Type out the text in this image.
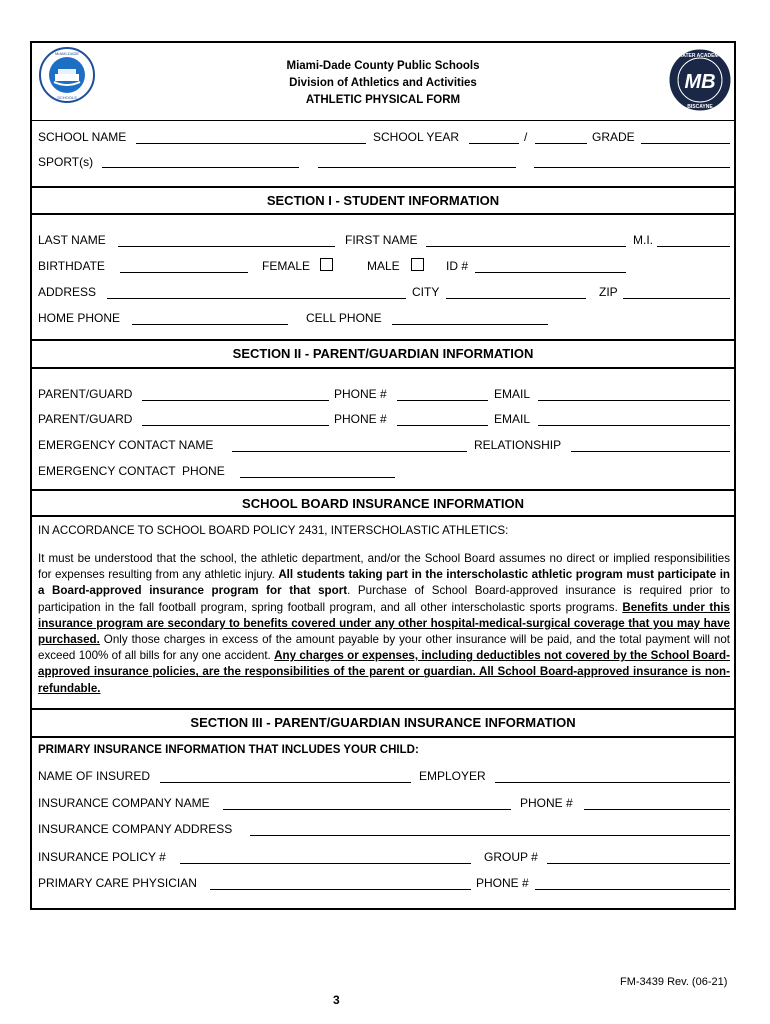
MIAMI-DADE
SCHOOLS
MB
MATER ACADEMY
BISCAYNE
Miami-Dade County Public Schools
Division of Athletics and Activities
ATHLETIC PHYSICAL FORM
SCHOOL NAME	SCHOOL YEAR	/	GRADE
SPORT(s)
SECTION I - STUDENT INFORMATION
LAST NAME	FIRST NAME	M.I.
BIRTHDATE	FEMALE	MALE	ID #
ADDRESS	CITY	ZIP
HOME PHONE	CELL PHONE
SECTION II - PARENT/GUARDIAN INFORMATION
PARENT/GUARD	PHONE #	EMAIL
PARENT/GUARD	PHONE #	EMAIL
EMERGENCY CONTACT NAME	RELATIONSHIP
EMERGENCY CONTACT  PHONE
SCHOOL BOARD INSURANCE INFORMATION
IN ACCORDANCE TO SCHOOL BOARD POLICY 2431, INTERSCHOLASTIC ATHLETICS:
It must be understood that the school, the athletic department, and/or the School Board assumes no direct or implied responsibilities for expenses resulting from any athletic injury. All students taking part in the interscholastic athletic program must participate in a Board-approved insurance program for that sport. Purchase of School Board-approved insurance is required prior to participation in the fall football program, spring football program, and all other interscholastic sports programs. Benefits under this insurance program are secondary to benefits covered under any other hospital-medical-surgical coverage that you may have purchased. Only those charges in excess of the amount payable by your other insurance will be paid, and the total payment will not exceed 100% of all bills for any one accident. Any charges or expenses, including deductibles not covered by the School Board-approved insurance policies, are the responsibilities of the parent or guardian. All School Board-approved insurance is non-refundable.
SECTION III - PARENT/GUARDIAN INSURANCE INFORMATION
PRIMARY INSURANCE INFORMATION THAT INCLUDES YOUR CHILD:
NAME OF INSURED	EMPLOYER
INSURANCE COMPANY NAME	PHONE #
INSURANCE COMPANY ADDRESS
INSURANCE POLICY #	GROUP #
PRIMARY CARE PHYSICIAN	PHONE #
FM-3439 Rev. (06-21)
3
